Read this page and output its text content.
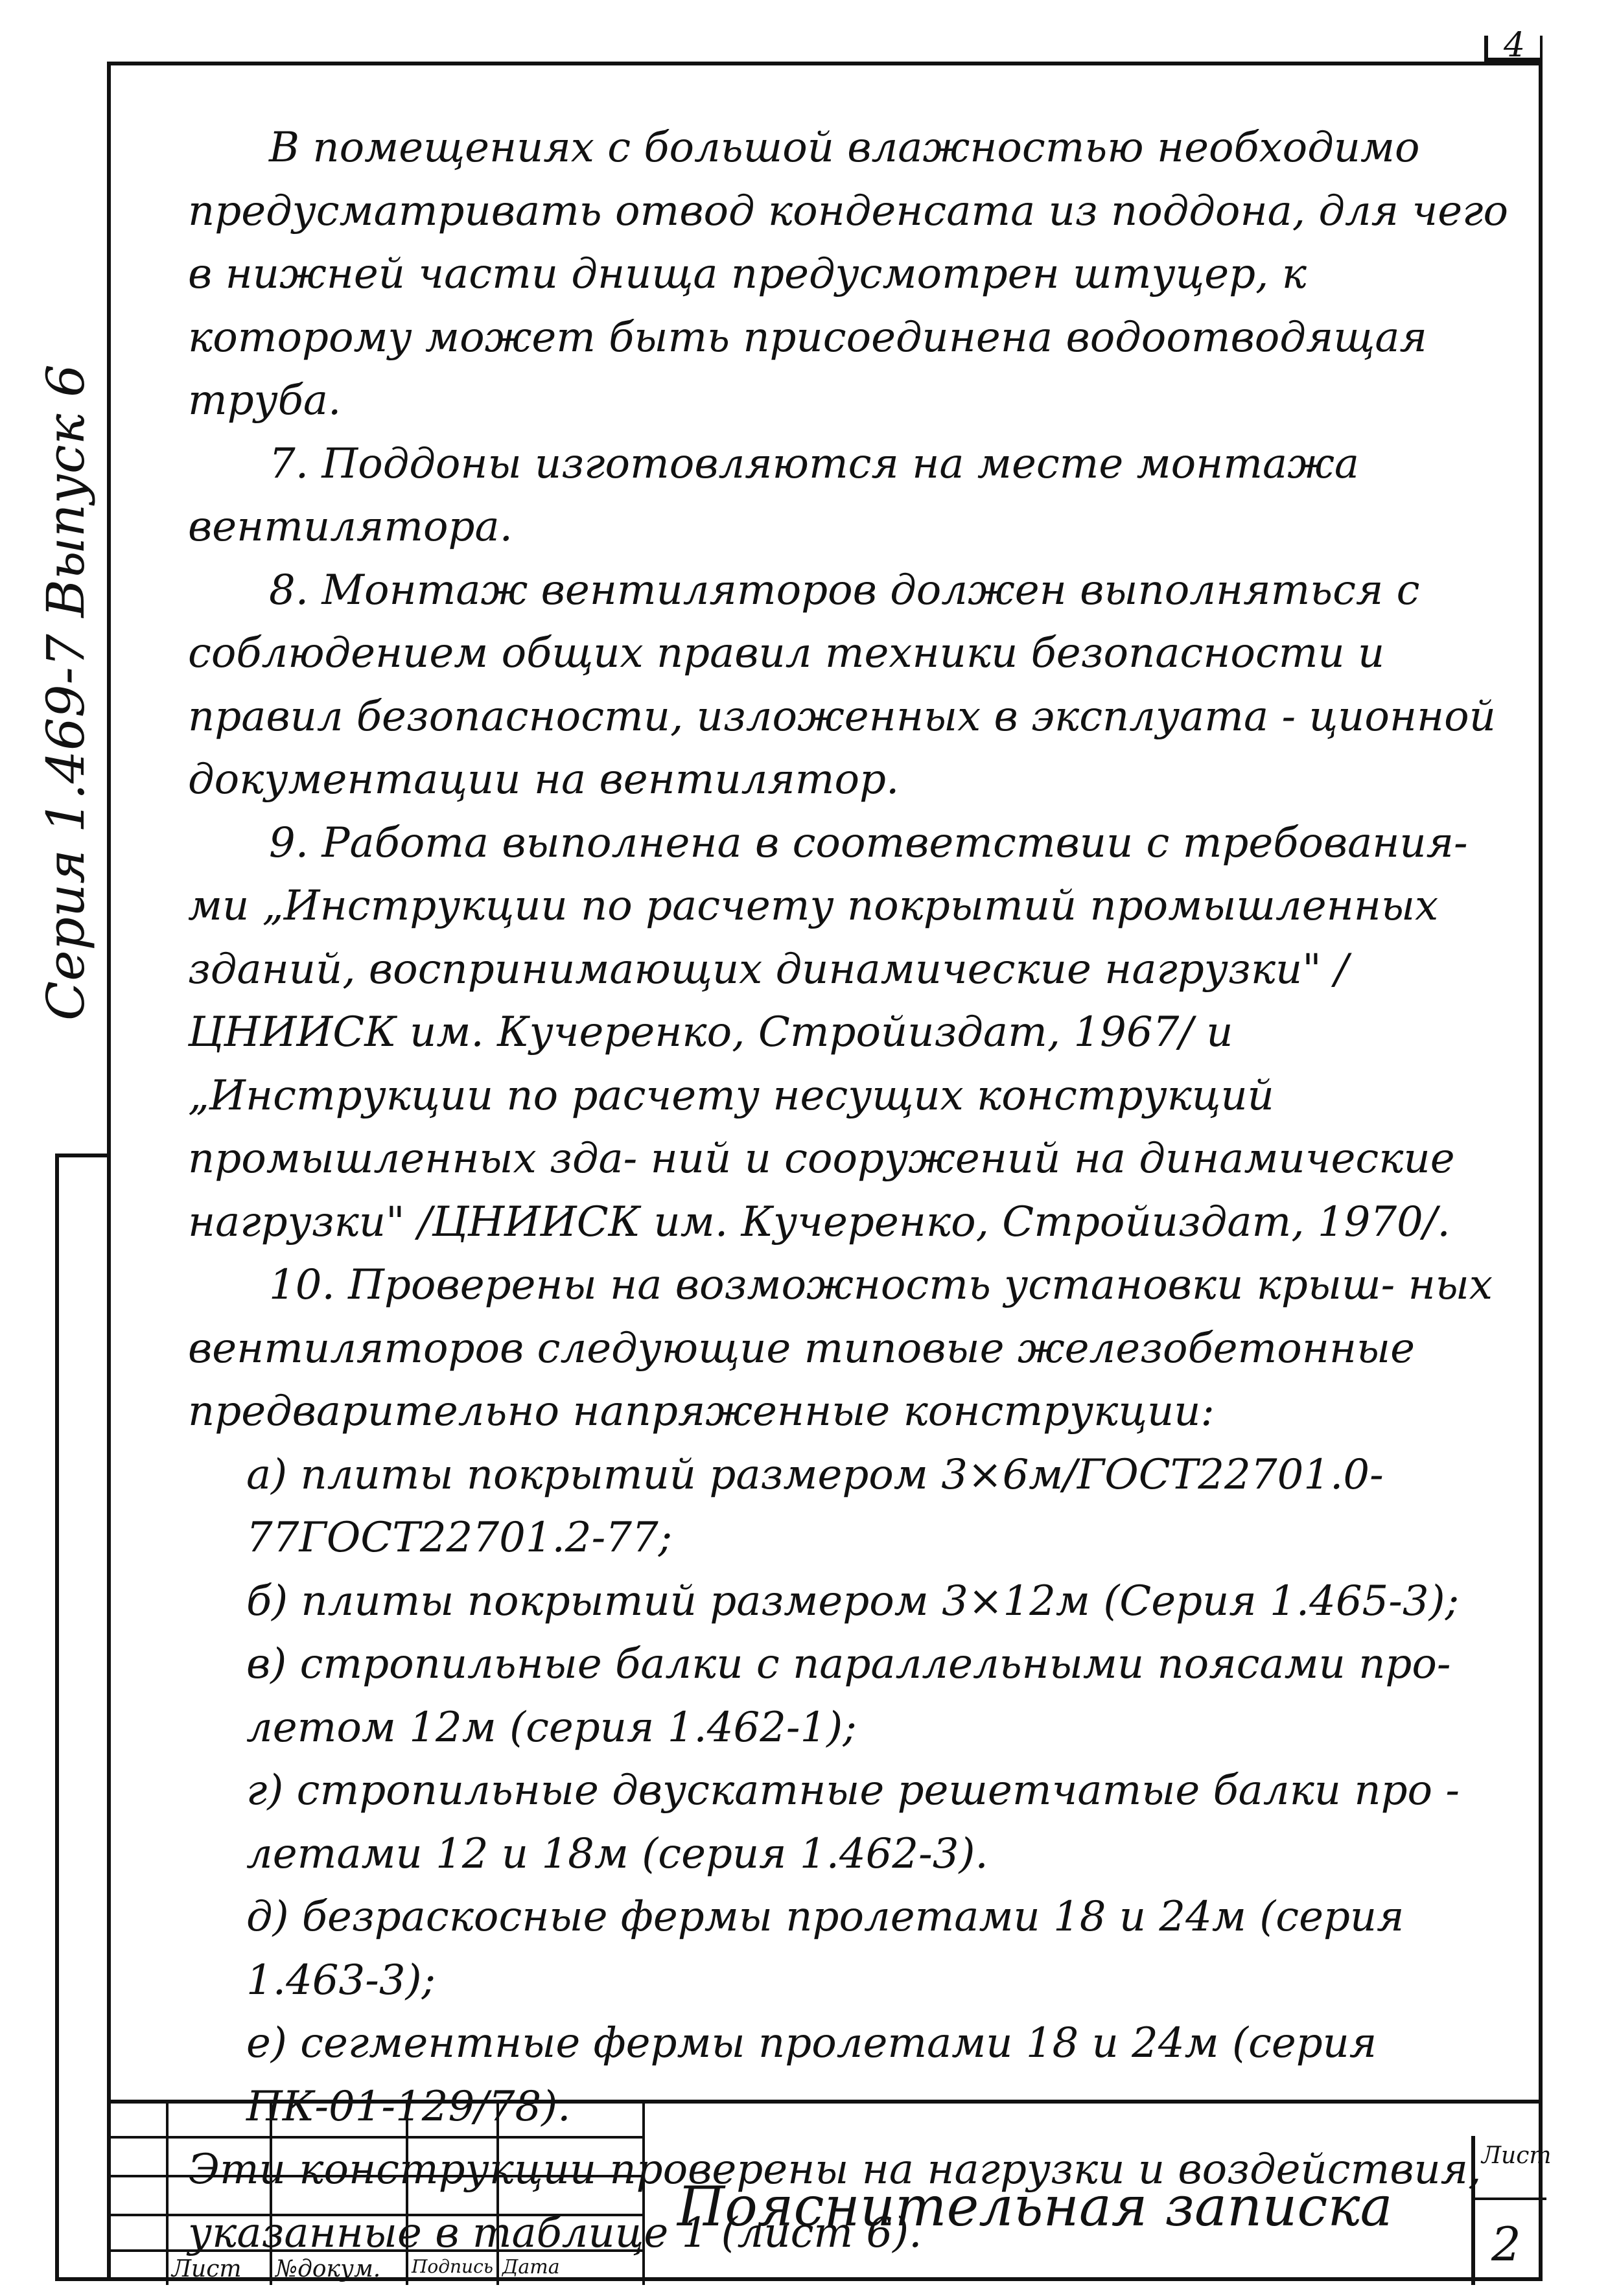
4
Серия 1.469-7 Выпуск 6

В помещениях с большой влажностью необходимо предусматривать отвод конденсата из поддона, для чего в нижней части днища предусмотрен штуцер, к которому может быть присоединена водоотводящая труба.

7. Поддоны изготовляются на месте монтажа вентилятора.

8. Монтаж вентиляторов должен выполняться с соблюдением общих правил техники безопасности и правил безопасности, изложенных в эксплуата - ционной документации на вентилятор.

9. Работа выполнена в соответствии с требования- ми „Инструкции по расчету покрытий промышленных зданий, воспринимающих динамические нагрузки" /ЦНИИСК им. Кучеренко, Стройиздат, 1967/ и „Инструкции по расчету несущих конструкций промышленных зда- ний и сооружений на динамические нагрузки" /ЦНИИСК им. Кучеренко, Стройиздат, 1970/.

10. Проверены на возможность установки крыш- ных вентиляторов следующие типовые железобетонные предварительно напряженные конструкции:

а) плиты покрытий размером 3×6м/ГОСТ22701.0-77ГОСТ22701.2-77;

б) плиты покрытий размером 3×12м (Серия 1.465-3);

в) стропильные балки с параллельными поясами про- летом 12м (серия 1.462-1);

г) стропильные двускатные решетчатые балки про - летами 12 и 18м (серия 1.462-3).

д) безраскосные фермы пролетами 18 и 24м (серия 1.463-3);

е) сегментные фермы пролетами 18 и 24м (серия ПК-01-129/78).

Эти конструкции проверены на нагрузки и воздействия, указанные в таблице 1 (лист 6).

Лист №докум. Подпись Дата
Пояснительная записка
Лист
2
